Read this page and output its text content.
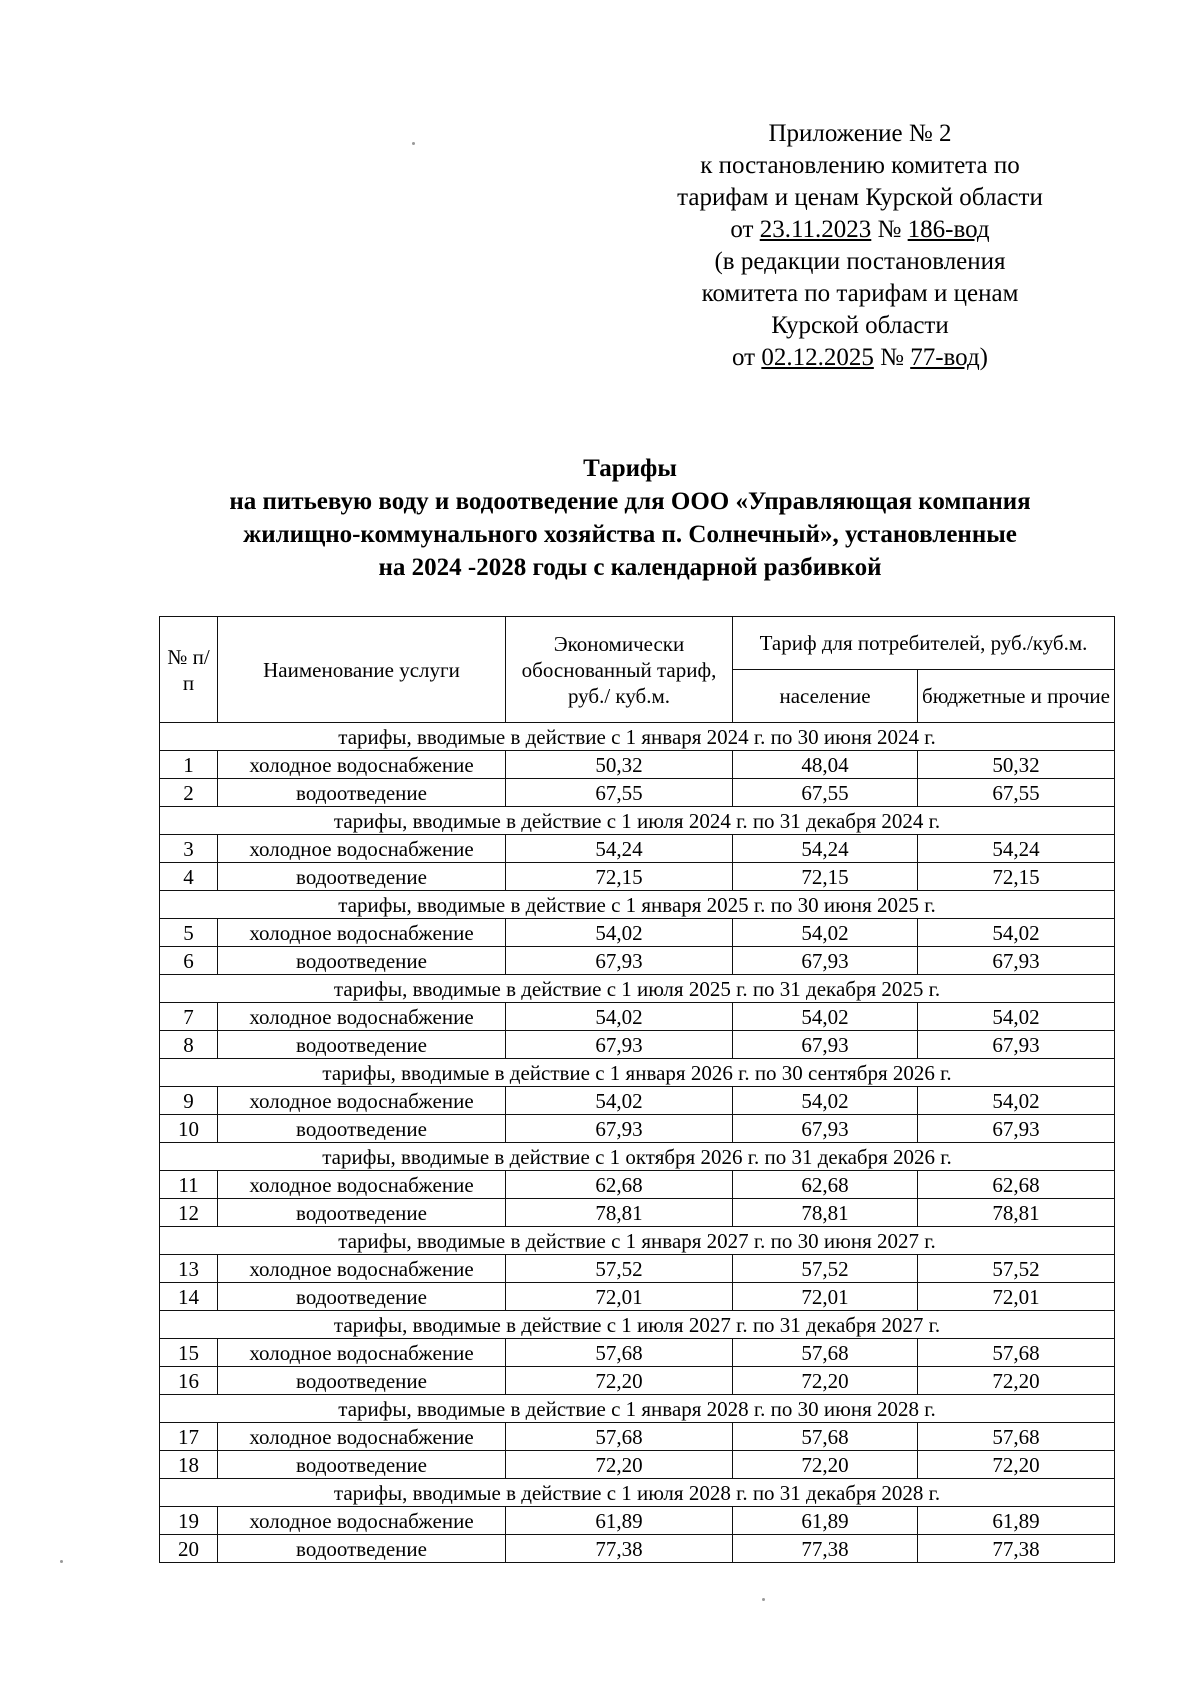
Приложение № 2
к постановлению комитета по
тарифам и ценам Курской области
от 23.11.2023 № 186-вод
(в редакции постановления
комитета по тарифам и ценам
Курской области
от 02.12.2025 № 77-вод)
Тарифы
на питьевую воду и водоотведение для ООО «Управляющая компания
жилищно-коммунального хозяйства п. Солнечный», установленные
на 2024 -2028 годы с календарной разбивкой
№ п/п	Наименование услуги	Экономически обоснованный тариф, руб./ куб.м.	Тариф для потребителей, руб./куб.м.	
			население	бюджетные и прочие
тарифы, вводимые в действие с 1 января 2024 г. по 30 июня 2024 г.				
1	холодное водоснабжение	50,32	48,04	50,32
2	водоотведение	67,55	67,55	67,55
тарифы, вводимые в действие с 1 июля 2024 г. по 31 декабря 2024 г.				
3	холодное водоснабжение	54,24	54,24	54,24
4	водоотведение	72,15	72,15	72,15
тарифы, вводимые в действие с 1 января 2025 г. по 30 июня 2025 г.				
5	холодное водоснабжение	54,02	54,02	54,02
6	водоотведение	67,93	67,93	67,93
тарифы, вводимые в действие с 1 июля 2025 г. по 31 декабря 2025 г.				
7	холодное водоснабжение	54,02	54,02	54,02
8	водоотведение	67,93	67,93	67,93
тарифы, вводимые в действие с 1 января 2026 г. по 30 сентября 2026 г.				
9	холодное водоснабжение	54,02	54,02	54,02
10	водоотведение	67,93	67,93	67,93
тарифы, вводимые в действие с 1 октября 2026 г. по 31 декабря 2026 г.				
11	холодное водоснабжение	62,68	62,68	62,68
12	водоотведение	78,81	78,81	78,81
тарифы, вводимые в действие с 1 января 2027 г. по 30 июня 2027 г.				
13	холодное водоснабжение	57,52	57,52	57,52
14	водоотведение	72,01	72,01	72,01
тарифы, вводимые в действие с 1 июля 2027 г. по 31 декабря 2027 г.				
15	холодное водоснабжение	57,68	57,68	57,68
16	водоотведение	72,20	72,20	72,20
тарифы, вводимые в действие с 1 января 2028 г. по 30 июня 2028 г.				
17	холодное водоснабжение	57,68	57,68	57,68
18	водоотведение	72,20	72,20	72,20
тарифы, вводимые в действие с 1 июля 2028 г. по 31 декабря 2028 г.				
19	холодное водоснабжение	61,89	61,89	61,89
20	водоотведение	77,38	77,38	77,38
